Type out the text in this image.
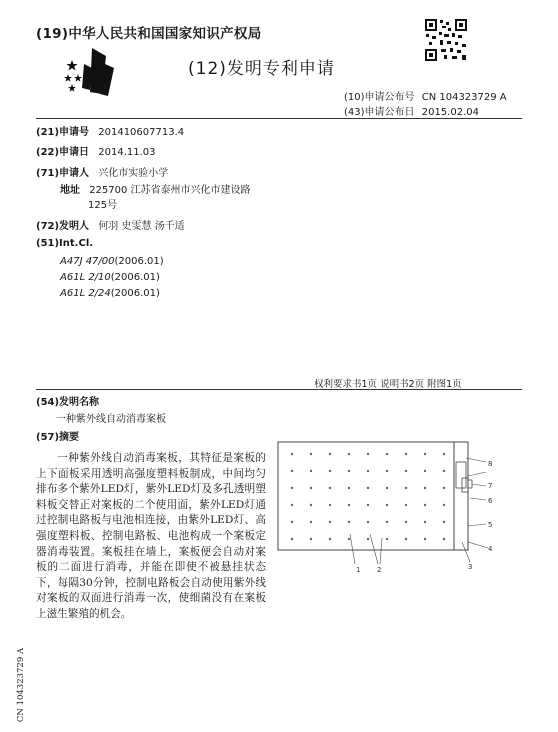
(19)中华人民共和国国家知识产权局
(12)发明专利申请
(10)申请公布号 CN 104323729 A
(43)申请公布日 2015.02.04
(21)申请号 201410607713.4
(22)申请日 2014.11.03
(71)申请人 兴化市实验小学
地址 225700 江苏省泰州市兴化市建设路
125号
(72)发明人 何羽 史雯慧 汤千适
(51)Int.Cl.
A47J 47/00(2006.01)
A61L 2/10(2006.01)
A61L 2/24(2006.01)
权利要求书1页 说明书2页 附图1页
(54)发明名称
一种紫外线自动消毒案板
(57)摘要
一种紫外线自动消毒案板，其特征是案板的上下面板采用透明高强度塑料板制成，中间均匀排布多个紫外LED灯，紫外LED灯及多孔透明塑料板交替正对案板的二个使用面，紫外LED灯通过控制电路板与电池相连接，由紫外LED灯、高强度塑料板、控制电路板、电池构成一个案板定器消毒装置。案板挂在墙上，案板便会自动对案板的二面进行消毒，并能在即使不被悬挂状态下，每隔30分钟，控制电路板会自动使用紫外线对案板的双面进行消毒一次，使细菌没有在案板上滋生繁殖的机会。
1 2	3
4
5
6
7
8
CN 104323729 A
